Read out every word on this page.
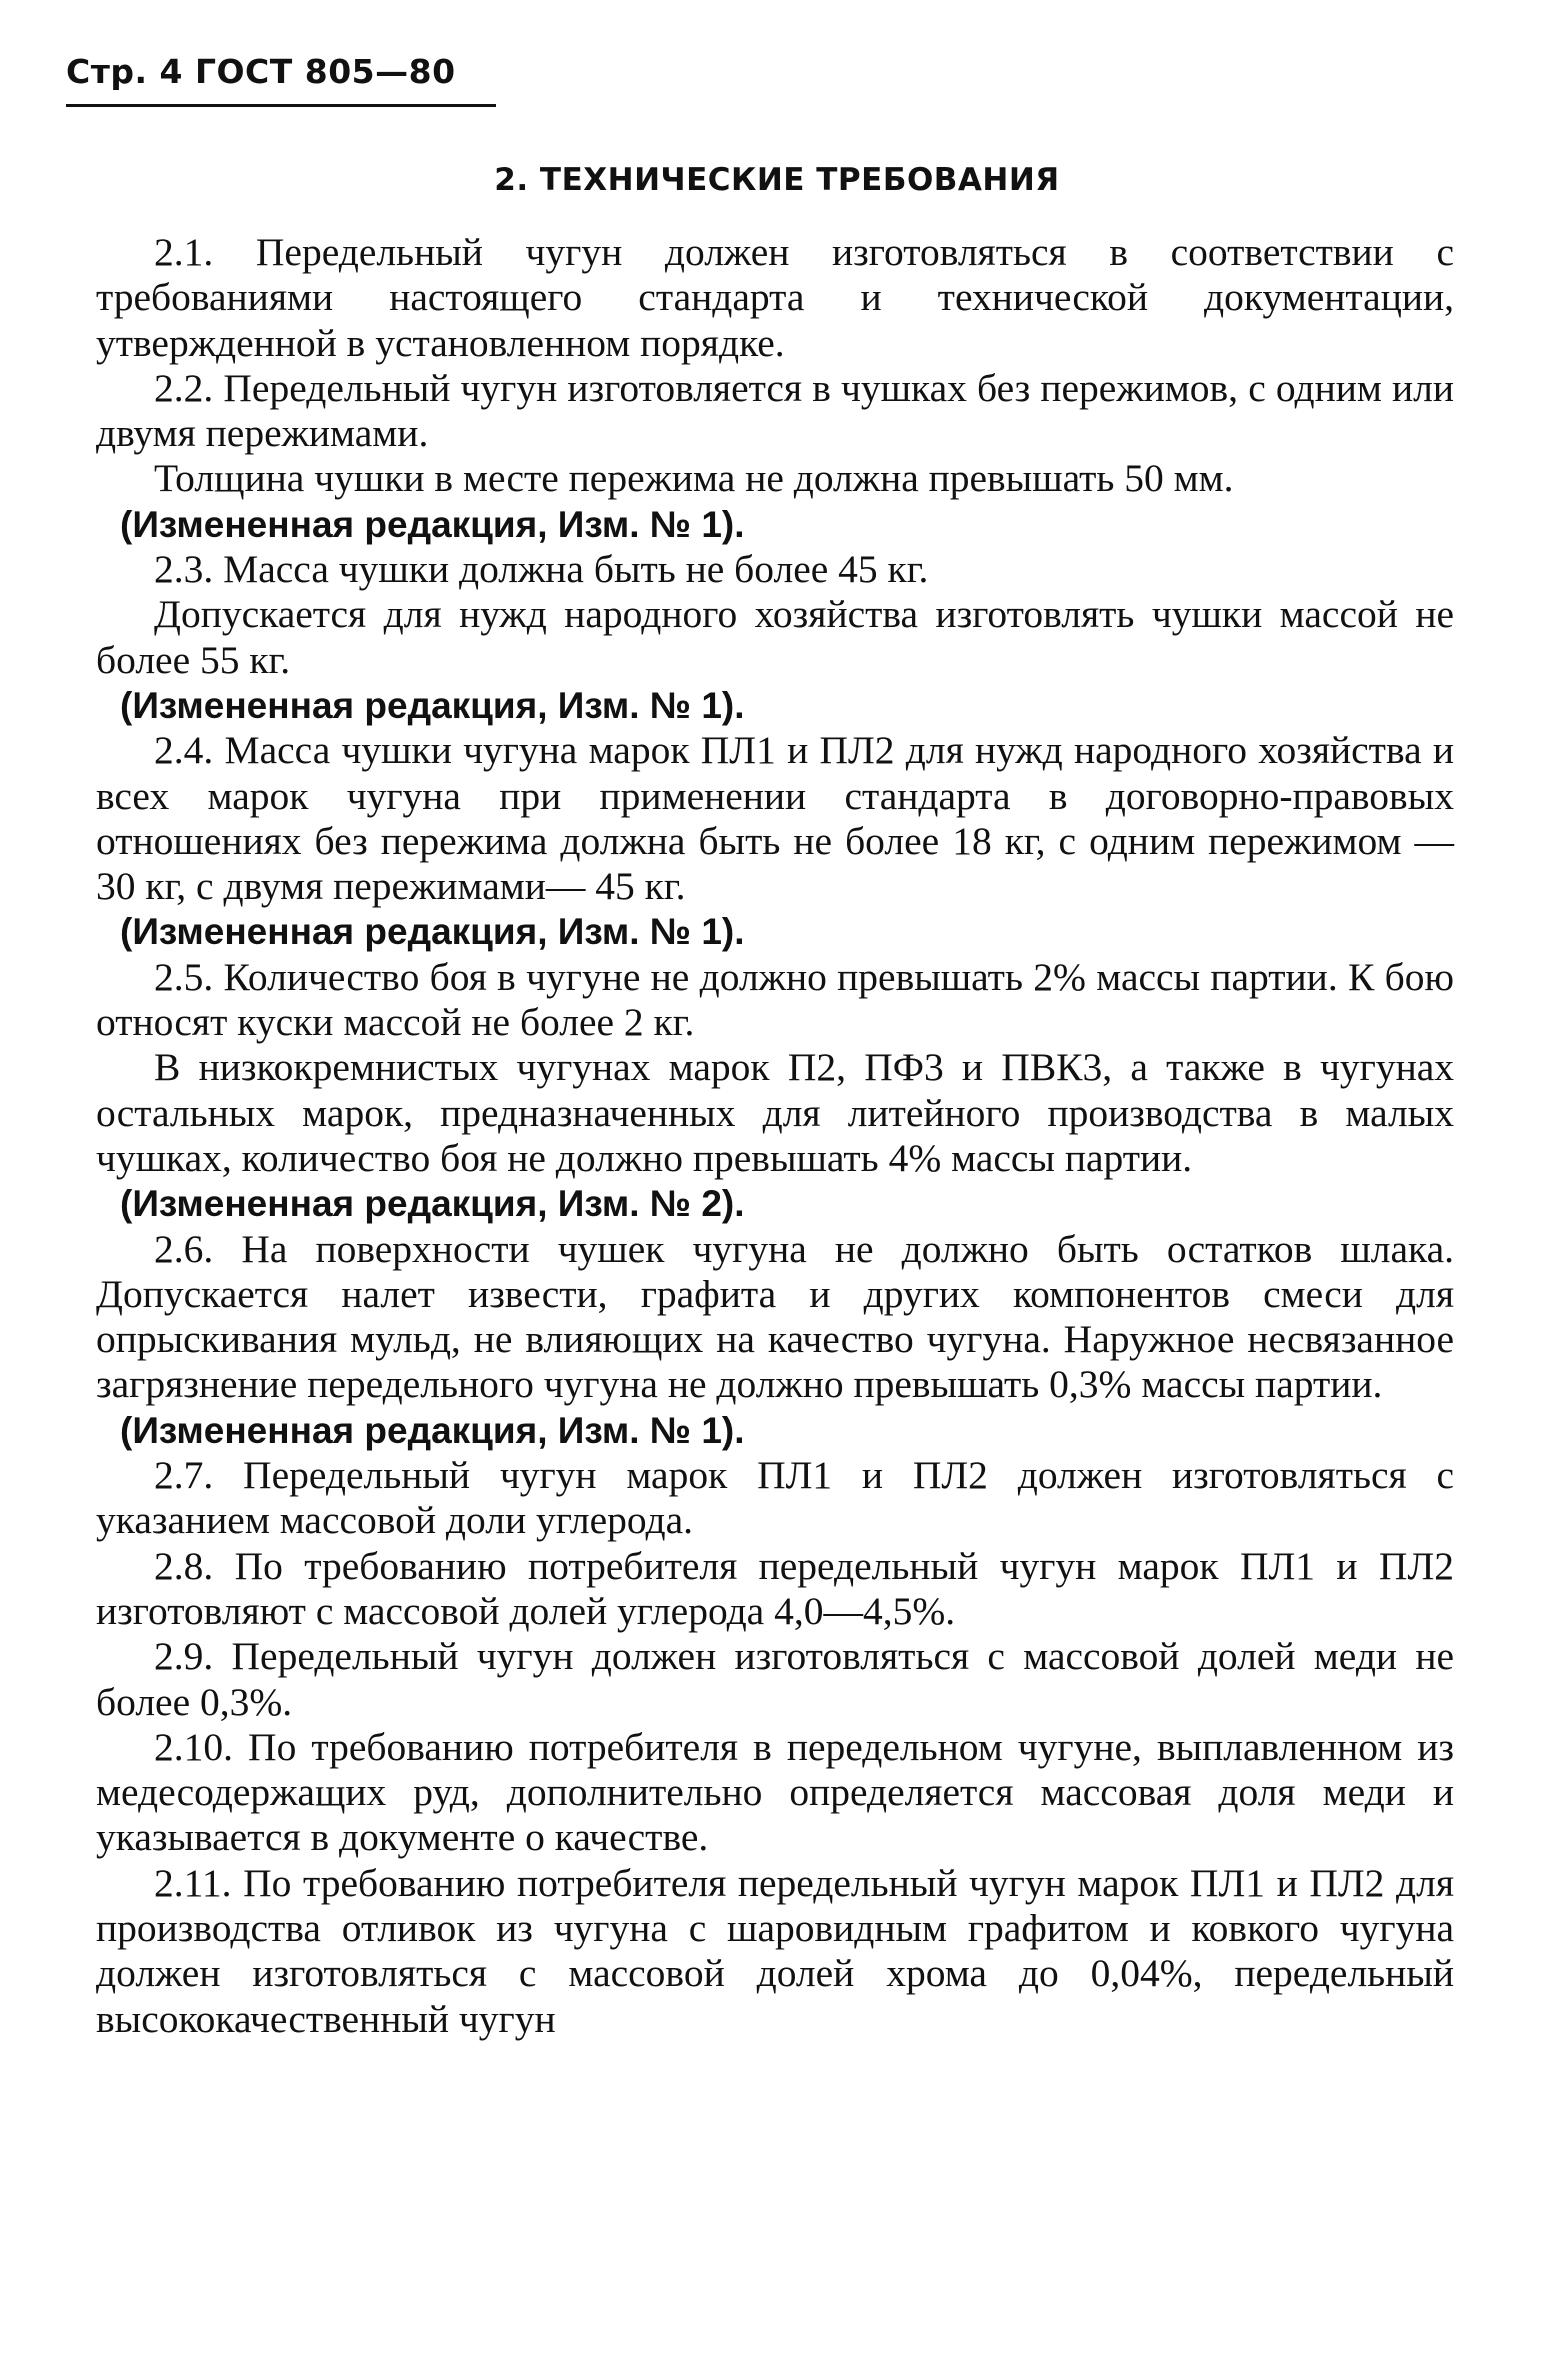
Стр. 4 ГОСТ 805—80
2. ТЕХНИЧЕСКИЕ ТРЕБОВАНИЯ

2.1. Передельный чугун должен изготовляться в соответствии с требованиями настоящего стандарта и технической документации, утвержденной в установленном порядке.

2.2. Передельный чугун изготовляется в чушках без пережимов, с одним или двумя пережимами.

Толщина чушки в месте пережима не должна превышать 50 мм.

(Измененная редакция, Изм. № 1).

2.3. Масса чушки должна быть не более 45 кг.

Допускается для нужд народного хозяйства изготовлять чушки массой не более 55 кг.

(Измененная редакция, Изм. № 1).

2.4. Масса чушки чугуна марок ПЛ1 и ПЛ2 для нужд народного хозяйства и всех марок чугуна при применении стандарта в договорно-правовых отношениях без пережима должна быть не более 18 кг, с одним пережимом — 30 кг, с двумя пережимами— 45 кг.

(Измененная редакция, Изм. № 1).

2.5. Количество боя в чугуне не должно превышать 2% массы партии. К бою относят куски массой не более 2 кг.

В низкокремнистых чугунах марок П2, ПФ3 и ПВК3, а также в чугунах остальных марок, предназначенных для литейного производства в малых чушках, количество боя не должно превышать 4% массы партии.

(Измененная редакция, Изм. № 2).

2.6. На поверхности чушек чугуна не должно быть остатков шлака. Допускается налет извести, графита и других компонентов смеси для опрыскивания мульд, не влияющих на качество чугуна. Наружное несвязанное загрязнение передельного чугуна не должно превышать 0,3% массы партии.

(Измененная редакция, Изм. № 1).

2.7. Передельный чугун марок ПЛ1 и ПЛ2 должен изготовляться с указанием массовой доли углерода.

2.8. По требованию потребителя передельный чугун марок ПЛ1 и ПЛ2 изготовляют с массовой долей углерода 4,0—4,5%.

2.9. Передельный чугун должен изготовляться с массовой долей меди не более 0,3%.

2.10. По требованию потребителя в передельном чугуне, выплавленном из медесодержащих руд, дополнительно определяется массовая доля меди и указывается в документе о качестве.

2.11. По требованию потребителя передельный чугун марок ПЛ1 и ПЛ2 для производства отливок из чугуна с шаровидным графитом и ковкого чугуна должен изготовляться с массовой долей хрома до 0,04%, передельный высококачественный чугун
